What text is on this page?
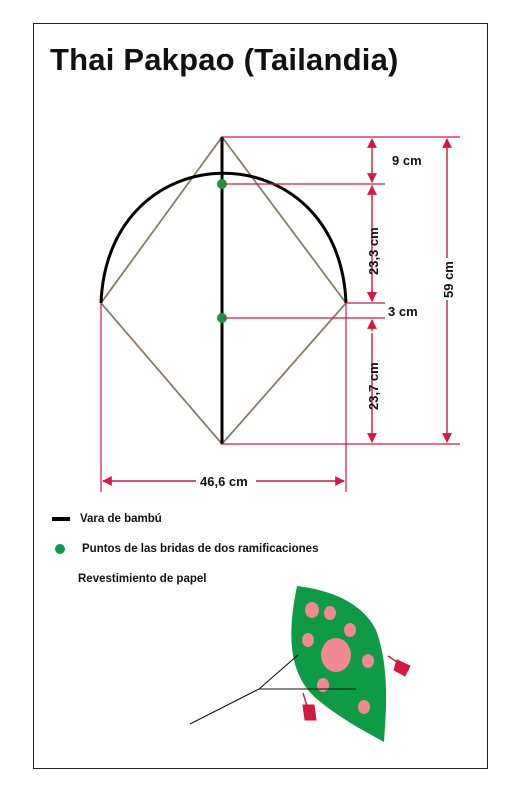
Thai Pakpao (Tailandia)
9 cm
23,3 cm
3 cm
23,7 cm
59 cm
46,6 cm
Vara de bambú
Puntos de las bridas de dos ramificaciones
Revestimiento de papel
